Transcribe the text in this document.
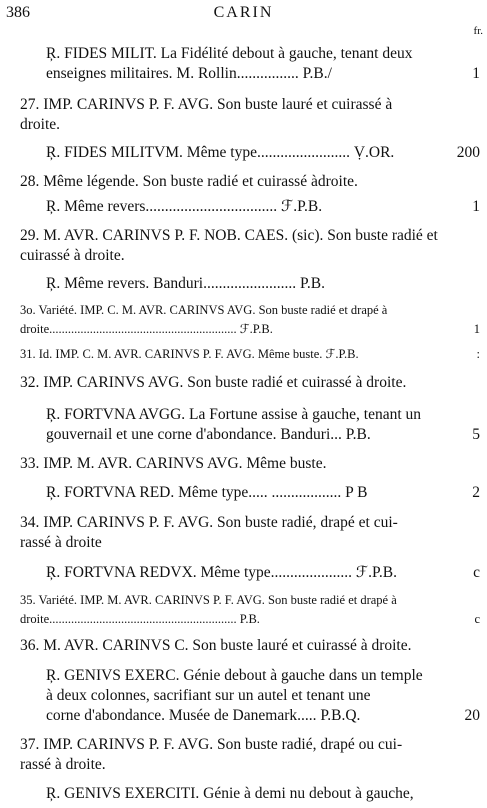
386	CARIN
fr.
Ŗ. FIDES MILIT. La Fidélité debout à gauche, tenant deux
enseignes militaires. M. Rollin................ P.B./	1
27. IMP. CARINVS P. F. AVG. Son buste lauré et cuirassé à
droite.
Ŗ. FIDES MILITVM. Même type........................ Ṿ.OR.	200
28. Même légende. Son buste radié et cuirassé àdroite.
Ŗ. Même revers.................................. ℱ.P.B.	1
29. M. AVR. CARINVS P. F. NOB. CAES. (sic). Son buste radié et
cuirassé à droite.
Ŗ. Même revers. Banduri........................ P.B.
3o. Variété. IMP. C. M. AVR. CARINVS AVG. Son buste radié et drapé à
droite............................................................ ℱ.P.B.	1
31. Id. IMP. C. M. AVR. CARINVS P. F. AVG. Même buste. ℱ.P.B.	:
32. IMP. CARINVS AVG. Son buste radié et cuirassé à droite.
Ŗ. FORTVNA AVGG. La Fortune assise à gauche, tenant un
gouvernail et une corne d'abondance. Banduri... P.B.	5
33. IMP. M. AVR. CARINVS AVG. Même buste.
Ŗ. FORTVNA RED. Même type..... .................. P B	2
34. IMP. CARINVS P. F. AVG. Son buste radié, drapé et cui-
rassé à droite
Ŗ. FORTVNA REDVX. Même type..................... ℱ.P.B.	c
35. Variété. IMP. M. AVR. CARINVS P. F. AVG. Son buste radié et drapé à
droite............................................................ P.B.	c
36. M. AVR. CARINVS C. Son buste lauré et cuirassé à droite.
Ŗ. GENIVS EXERC. Génie debout à gauche dans un temple
à deux colonnes, sacrifiant sur un autel et tenant une
corne d'abondance. Musée de Danemark..... P.B.Q.	20
37. IMP. CARINVS P. F. AVG. Son buste radié, drapé ou cui-
rassé à droite.
Ŗ. GENIVS EXERCITI. Génie à demi nu debout à gauche,
